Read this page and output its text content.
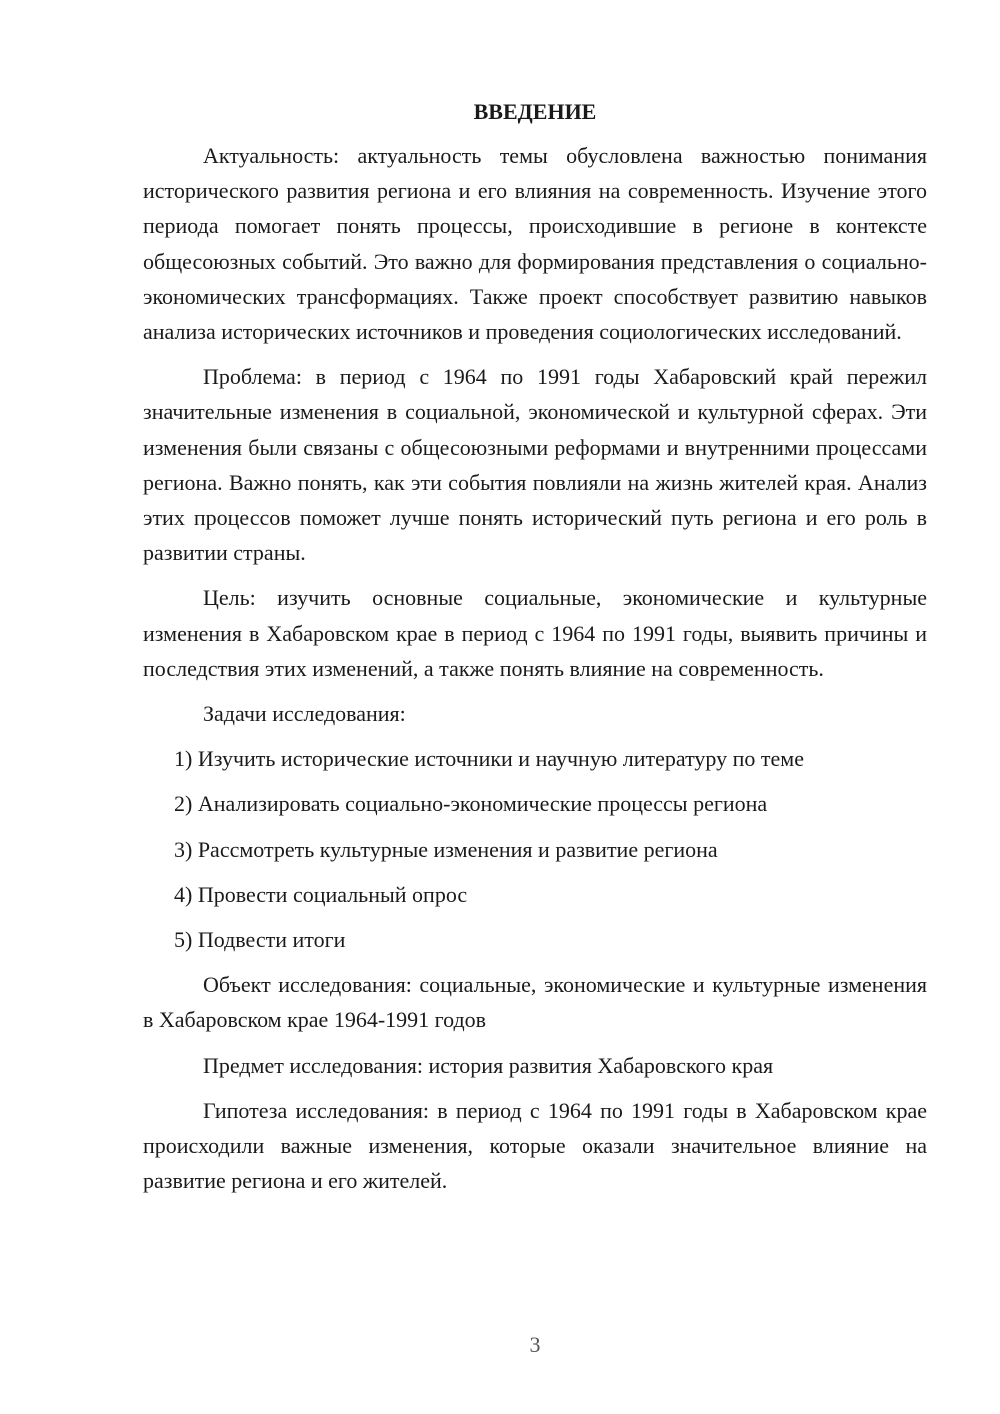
ВВЕДЕНИЕ

Актуальность: актуальность темы обусловлена важностью понимания исторического развития региона и его влияния на современность. Изучение этого периода помогает понять процессы, происходившие в регионе в контексте общесоюзных событий. Это важно для формирования представления о социально-экономических трансформациях. Также проект способствует развитию навыков анализа исторических источников и проведения социологических исследований.

Проблема: в период с 1964 по 1991 годы Хабаровский край пережил значительные изменения в социальной, экономической и культурной сферах. Эти изменения были связаны с общесоюзными реформами и внутренними процессами региона. Важно понять, как эти события повлияли на жизнь жителей края. Анализ этих процессов поможет лучше понять исторический путь региона и его роль в развитии страны.

Цель: изучить основные социальные, экономические и культурные изменения в Хабаровском крае в период с 1964 по 1991 годы, выявить причины и последствия этих изменений, а также понять влияние на современность.

Задачи исследования:

1) Изучить исторические источники и научную литературу по теме
2) Анализировать социально-экономические процессы региона
3) Рассмотреть культурные изменения и развитие региона
4) Провести социальный опрос
5) Подвести итоги

Объект исследования: социальные, экономические и культурные изменения в Хабаровском крае 1964-1991 годов

Предмет исследования: история развития Хабаровского края

Гипотеза исследования: в период с 1964 по 1991 годы в Хабаровском крае происходили важные изменения, которые оказали значительное влияние на развитие региона и его жителей.

3
